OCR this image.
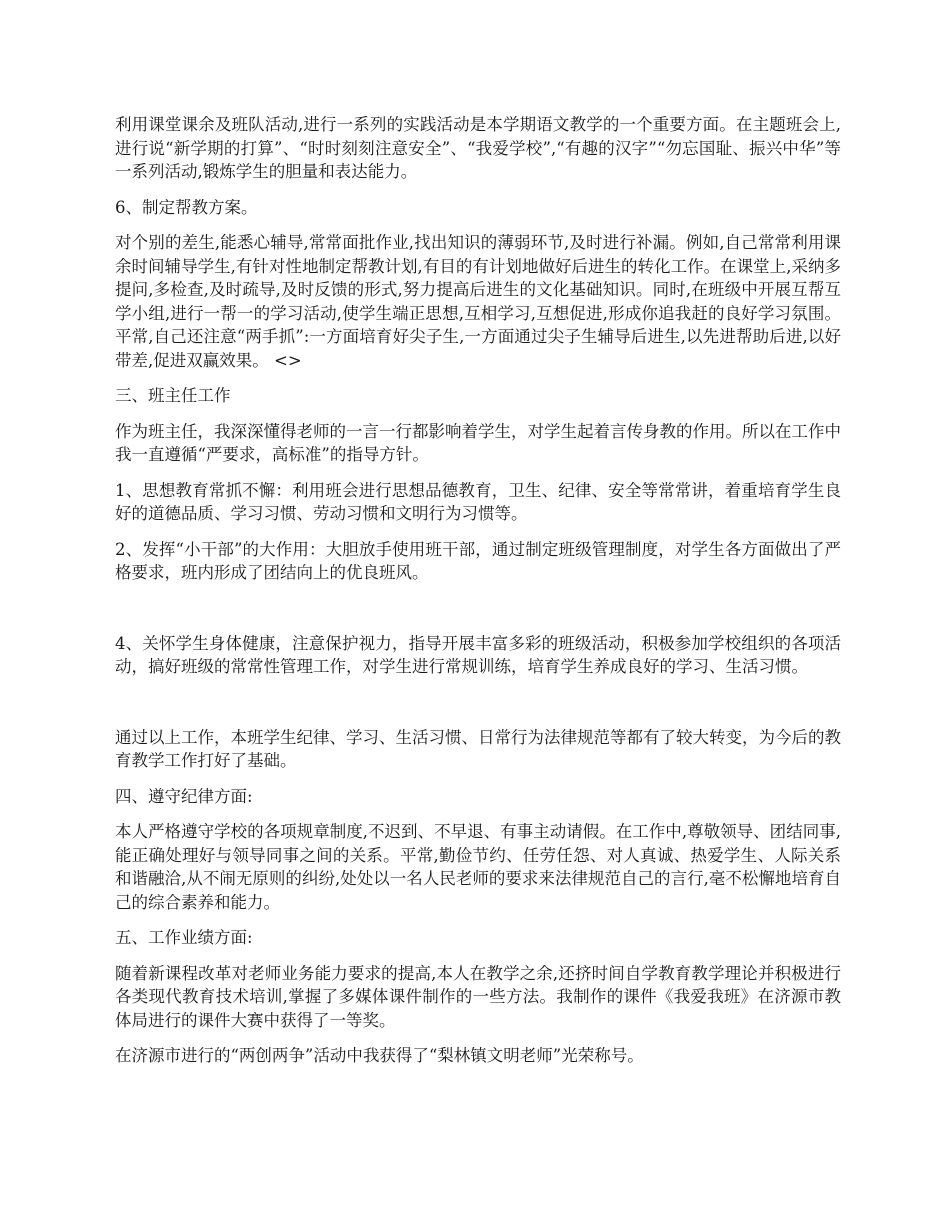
利用课堂课余及班队活动,进行一系列的实践活动是本学期语文教学的一个重要方面。在主题班会上,进行说“新学期的打算”、“时时刻刻注意安全”、“我爱学校”,“有趣的汉字”“勿忘国耻、振兴中华”等一系列活动,锻炼学生的胆量和表达能力。

6、制定帮教方案。

对个别的差生,能悉心辅导,常常面批作业,找出知识的薄弱环节,及时进行补漏。例如,自己常常利用课余时间辅导学生,有针对性地制定帮教计划,有目的有计划地做好后进生的转化工作。在课堂上,采纳多提问,多检查,及时疏导,及时反馈的形式,努力提高后进生的文化基础知识。同时,在班级中开展互帮互学小组,进行一帮一的学习活动,使学生端正思想,互相学习,互想促进,形成你追我赶的良好学习氛围。平常,自己还注意“两手抓”:一方面培育好尖子生,一方面通过尖子生辅导后进生,以先进帮助后进,以好带差,促进双赢效果。 <>

三、班主任工作

作为班主任，我深深懂得老师的一言一行都影响着学生，对学生起着言传身教的作用。所以在工作中我一直遵循“严要求，高标准”的指导方针。

1、思想教育常抓不懈：利用班会进行思想品德教育，卫生、纪律、安全等常常讲，着重培育学生良好的道德品质、学习习惯、劳动习惯和文明行为习惯等。

2、发挥“小干部”的大作用：大胆放手使用班干部，通过制定班级管理制度，对学生各方面做出了严格要求，班内形成了团结向上的优良班风。

4、关怀学生身体健康，注意保护视力，指导开展丰富多彩的班级活动，积极参加学校组织的各项活动，搞好班级的常常性管理工作，对学生进行常规训练，培育学生养成良好的学习、生活习惯。

通过以上工作，本班学生纪律、学习、生活习惯、日常行为法律规范等都有了较大转变，为今后的教育教学工作打好了基础。

四、遵守纪律方面:

本人严格遵守学校的各项规章制度,不迟到、不早退、有事主动请假。在工作中,尊敬领导、团结同事,能正确处理好与领导同事之间的关系。平常,勤俭节约、任劳任怨、对人真诚、热爱学生、人际关系和谐融洽,从不闹无原则的纠纷,处处以一名人民老师的要求来法律规范自己的言行,毫不松懈地培育自己的综合素养和能力。

五、工作业绩方面:

随着新课程改革对老师业务能力要求的提高,本人在教学之余,还挤时间自学教育教学理论并积极进行各类现代教育技术培训,掌握了多媒体课件制作的一些方法。我制作的课件《我爱我班》在济源市教体局进行的课件大赛中获得了一等奖。

在济源市进行的“两创两争”活动中我获得了“梨林镇文明老师”光荣称号。
